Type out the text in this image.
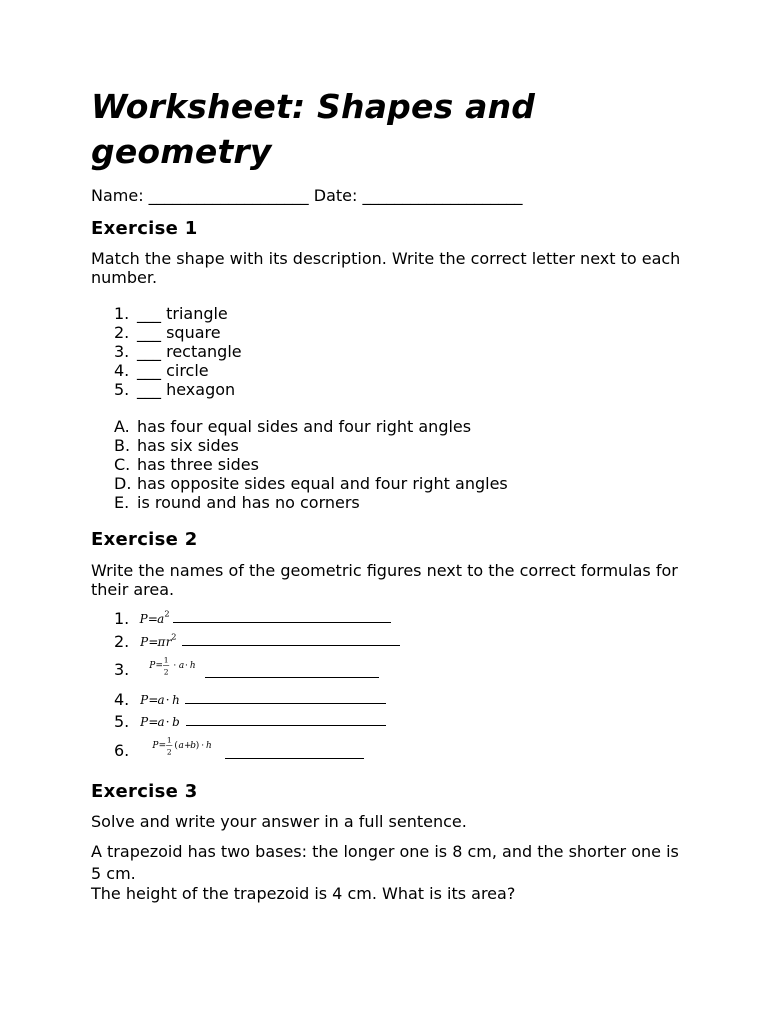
Worksheet: Shapes and geometry
Name: ____________________ Date: ____________________
Exercise 1
Match the shape with its description. Write the correct letter next to each number.
1. ___ triangle
2. ___ square
3. ___ rectangle
4. ___ circle
5. ___ hexagon
A. has four equal sides and four right angles
B. has six sides
C. has three sides
D. has opposite sides equal and four right angles
E. is round and has no corners
Exercise 2
Write the names of the geometric figures next to the correct formulas for their area.
1. P = a 2
2. P = π r 2
3. P =
1
2
· a · h
4. P = a · h
5. P = a · b
6. P =
1
2
( a +
b ) · h
Exercise 3
Solve and write your answer in a full sentence.
A trapezoid has two bases: the longer one is 8 cm, and the shorter one is 5 cm.
The height of the trapezoid is 4 cm. What is its area?
